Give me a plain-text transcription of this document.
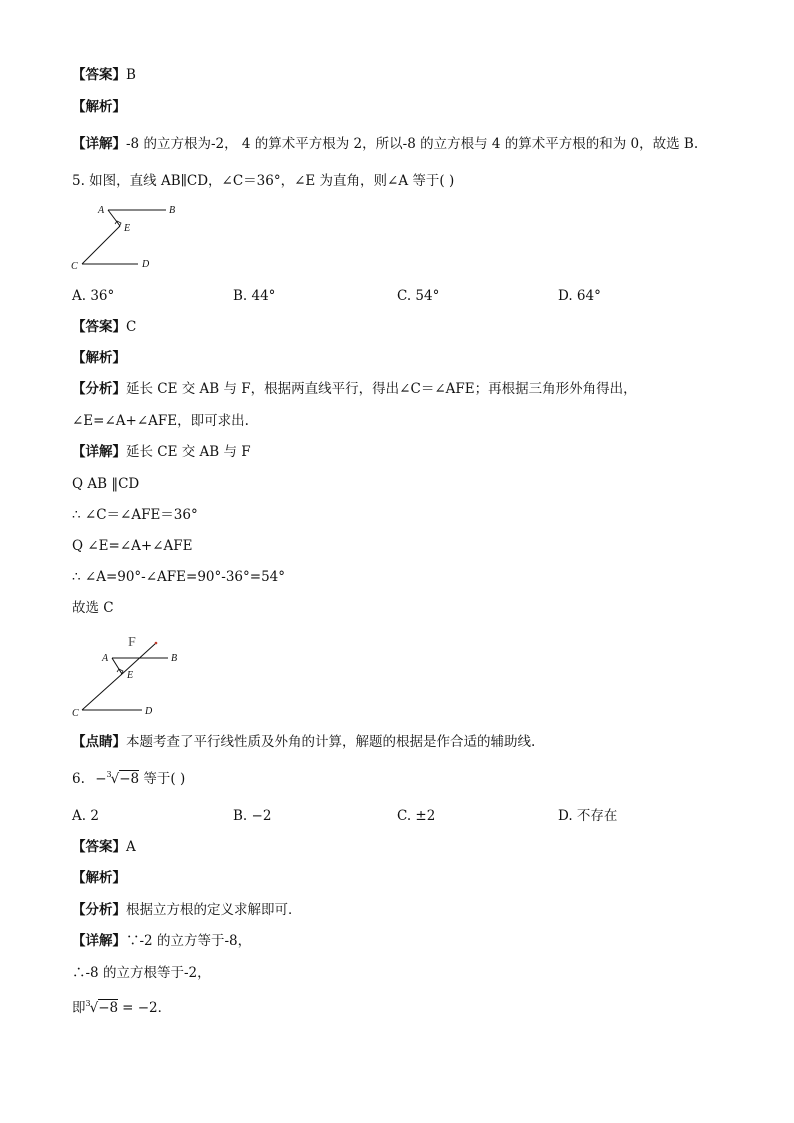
【答案】B
【解析】
【详解】-8 的立方根为-2， 4 的算术平方根为 2，所以-8 的立方根与 4 的算术平方根的和为 0，故选 B.
5. 如图，直线 AB∥CD，∠C＝36°，∠E 为直角，则∠A 等于( )
A	B
E
C	D
A. 36°	B. 44°	C. 54°	D. 64°
【答案】C
【解析】
【分析】延长 CE 交 AB 与 F，根据两直线平行，得出∠C＝∠AFE；再根据三角形外角得出，
∠E=∠A+∠AFE，即可求出.
【详解】延长 CE 交 AB 与 F
Q AB ‖CD
∴ ∠C＝∠AFE＝36°
Q ∠E=∠A+∠AFE
∴ ∠A=90°-∠AFE=90°-36°=54°
故选 C
F
A	B
E
C	D
【点睛】本题考查了平行线性质及外角的计算，解题的根据是作合适的辅助线.
6. −$^3$√−8 等于( )
A. 2	B. −2	C. ±2	D. 不存在
【答案】A
【解析】
【分析】根据立方根的定义求解即可．
【详解】∵-2 的立方等于-8，
∴-8 的立方根等于-2，
即$^3$√−8 = −2．
